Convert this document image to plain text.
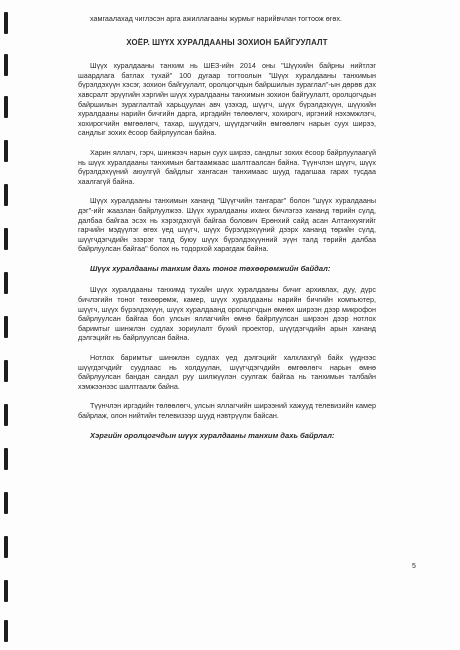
хамгаалахад чиглэсэн арга ажиллагааны журмыг нарийвчлан тогтоож өгөх.

ХОЁР. ШҮҮХ ХУРАЛДААНЫ ЗОХИОН БАЙГУУЛАЛТ

Шүүх хуралдааны танхим нь ШЕЗ-ийн 2014 оны "Шүүхийн байрны нийтлэг шаардлага батлах тухай" 100 дугаар тогтоолын "Шүүх хуралдааны танхимын бүрэлдэхүүн хэсэг, зохион байгуулалт, оролцогчдын байршилын зураглал"-ын дөрөв дэх хавсралт эрүүгийн хэргийн шүүх хуралдааны танхимын зохион байгуулалт, оролцогчдын байршилын зураглалтай харьцуулан авч үзэхэд, шүүгч, шүүх бүрэлдэхүүн, шүүхийн хуралдааны нарийн бичгийн дарга, иргэдийн төлөөлөгч, хохирогч, иргэний нэхэмжлэгч, хохирогчийн өмгөөлөгч, тахар, шүүгдэгч, шүүгдэгчийн өмгөөлөгч нарын суух ширээ, сандлыг зохих ёсоор байрлуулсан байна.

Харин яллагч, гэрч, шинжээч нарын суух ширээ, сандлыг зохих ёсоор байрлуулаагүй нь шүүх хуралдааны танхимын багтаамжаас шалтгаалсан байна. Түүнчлэн шүүгч, шүүх бүрэлдэхүүний аюулгүй байдлыг хангасан танхимаас шууд гадагшаа гарах тусдаа хаалгагүй байна.

Шүүх хуралдааны танхимын хананд "Шүүгчийн тангараг" болон "шүүх хуралдааны дэг"-ийг жаазлан байрлуулжээ. Шүүх хуралдааны иханх бичлэгээ хананд төрийн сүлд, далбаа байгаа эсэх нь хэрэгдэхгүй байгаа болович Ерөнхий сайд асан Алтанхуягийг гарчийн мэдүүлэг өгөх үед шүүгч, шүүх бүрэлдэхүүний дээрх хананд төрийн сүлд, шүүгчдэгчдийн эзэрэг талд буюу шүүх бүрэлдэхүүнний зүүн талд төрийн далбаа байрлуулсан байгаа" болох нь тодорхой харагдаж байна.

Шүүх хуралдааны танхим дахь тоног төхөөрөмжийн байдал:

Шүүх хуралдааны танхимд тухайн шүүх хуралдааны бичиг архивлах, дуу, дүрс бичлэгийн тоног төхөөрөмж, камер, шүүх хуралдааны нарийн бичгийн компьютер, шүүгч, шүүх бүрэлдэхүүн, шүүх хуралдаанд оролцогчдын өмнөх ширээн дээр микрофон байрлуулсан байгаа бол улсын яллагчийн өмнө байрлуулсан ширээн дээр нотлох баримтыг шинжлэн судлах зориулалт бүхий проектор, шүүгдэгчдийн арын хананд дэлгэцийг нь байрлуулсан байна.

Нотлох баримтыг шинжлэн судлах үед дэлгэцийг халхлахгүй байх үүднээс шүүгдэгчдийг суудлаас нь холдуулан, шүүгчдэгчдийн өмгөөлөгч нарын өмнө байрлуулсан бандан сандал руу шилжүүлэн суулгаж байгаа нь танхимын талбайн хэмжээнээс шалтгаалж байна.

Түүнчлэн иргэдийн төлөөлөгч, улсын яллагчийн ширээний хажууд телевизийн камер байрлаж, олон нийтийн телевизээр шууд нэвтрүүлж байсан.

Хэргийн оролцогчдын шүүх хуралдааны танхим дахь байрлал:
5
